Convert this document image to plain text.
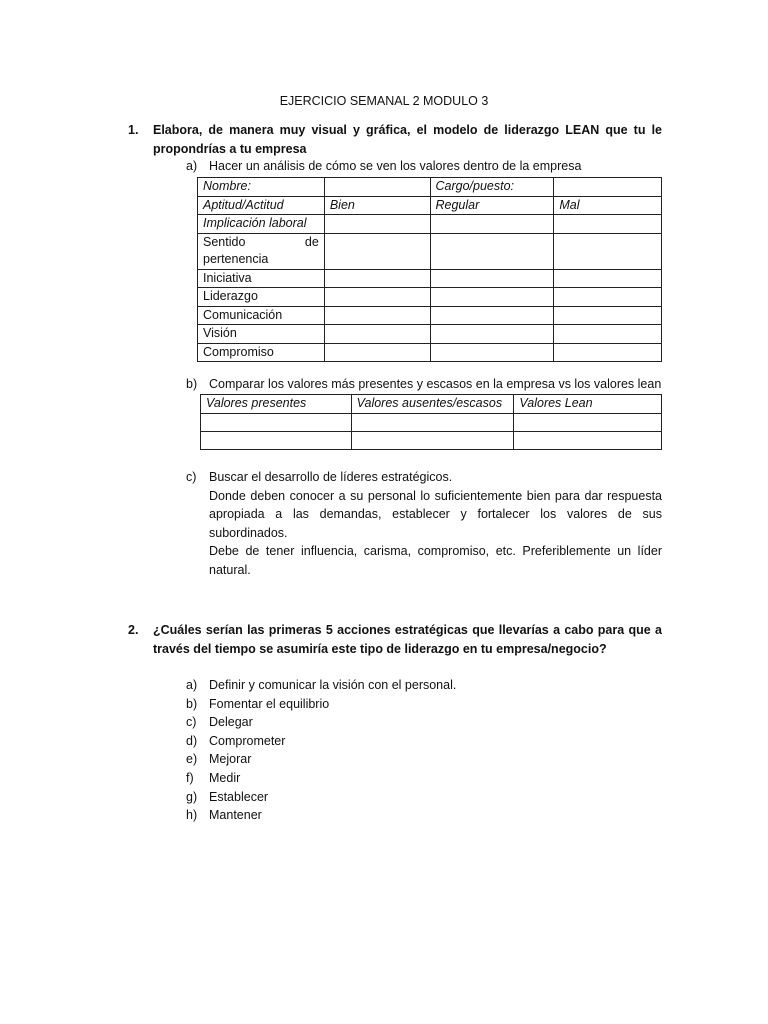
EJERCICIO SEMANAL 2 MODULO 3
1. Elabora, de manera muy visual y gráfica, el modelo de liderazgo LEAN que tu le propondrías a tu empresa
a) Hacer un análisis de cómo se ven los valores dentro de la empresa

Nombre:		Cargo/puesto:	
Aptitud/Actitud	Bien	Regular	Mal
Implicación laboral			

Sentido de
pertenencia			

Iniciativa			
Liderazgo			
Comunicación			
Visión			
Compromiso			
b) Comparar los valores más presentes y escasos en la empresa vs los valores lean

Valores presentes	Valores ausentes/escasos	Valores Lean

c) Buscar el desarrollo de líderes estratégicos.

Donde deben conocer a su personal lo suficientemente bien para dar respuesta apropiada a las demandas, establecer y fortalecer los valores de sus subordinados.

Debe de tener influencia, carisma, compromiso, etc. Preferiblemente un líder natural.

2. ¿Cuáles serían las primeras 5 acciones estratégicas que llevarías a cabo para que a través del tiempo se asumiría este tipo de liderazgo en tu empresa/negocio?
a) Definir y comunicar la visión con el personal.
b) Fomentar el equilibrio
c) Delegar
d) Comprometer
e) Mejorar
f) Medir
g) Establecer
h) Mantener
